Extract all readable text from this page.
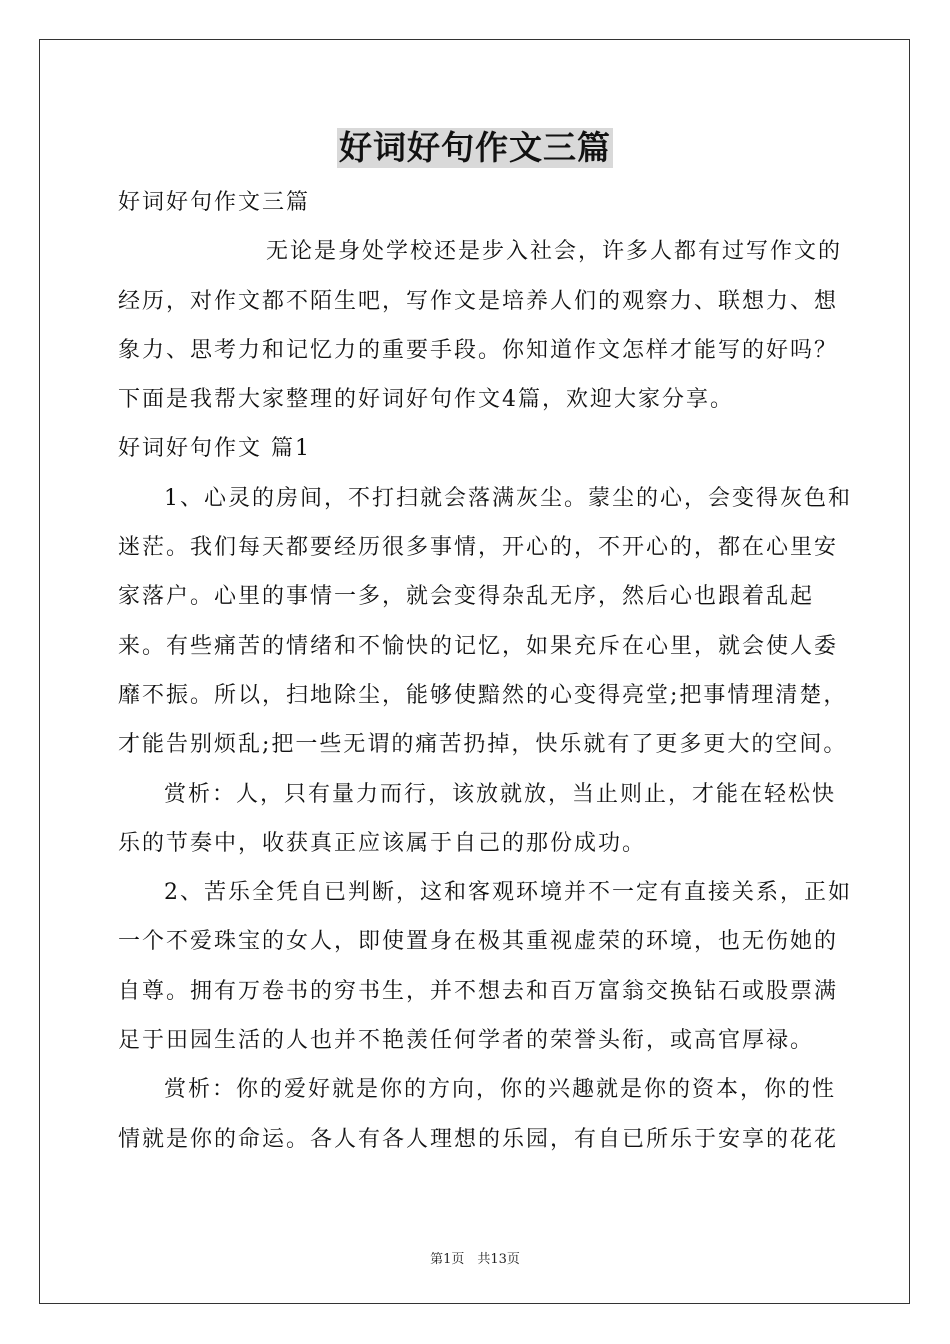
好词好句作文三篇

好词好句作文三篇

无论是身处学校还是步入社会，许多人都有过写作文的经历，对作文都不陌生吧，写作文是培养人们的观察力、联想力、想象力、思考力和记忆力的重要手段。你知道作文怎样才能写的好吗？下面是我帮大家整理的好词好句作文4篇，欢迎大家分享。

好词好句作文 篇1

1、心灵的房间，不打扫就会落满灰尘。蒙尘的心，会变得灰色和迷茫。我们每天都要经历很多事情，开心的，不开心的，都在心里安家落户。心里的事情一多，就会变得杂乱无序，然后心也跟着乱起来。有些痛苦的情绪和不愉快的记忆，如果充斥在心里，就会使人委靡不振。所以，扫地除尘，能够使黯然的心变得亮堂;把事情理清楚，才能告别烦乱;把一些无谓的痛苦扔掉，快乐就有了更多更大的空间。

赏析：人，只有量力而行，该放就放，当止则止，才能在轻松快乐的节奏中，收获真正应该属于自己的那份成功。

2、苦乐全凭自已判断，这和客观环境并不一定有直接关系，正如一个不爱珠宝的女人，即使置身在极其重视虚荣的环境，也无伤她的自尊。拥有万卷书的穷书生，并不想去和百万富翁交换钻石或股票满足于田园生活的人也并不艳羡任何学者的荣誉头衔，或高官厚禄。

赏析：你的爱好就是你的方向，你的兴趣就是你的资本，你的性情就是你的命运。各人有各人理想的乐园，有自已所乐于安享的花花

第1页　共13页
